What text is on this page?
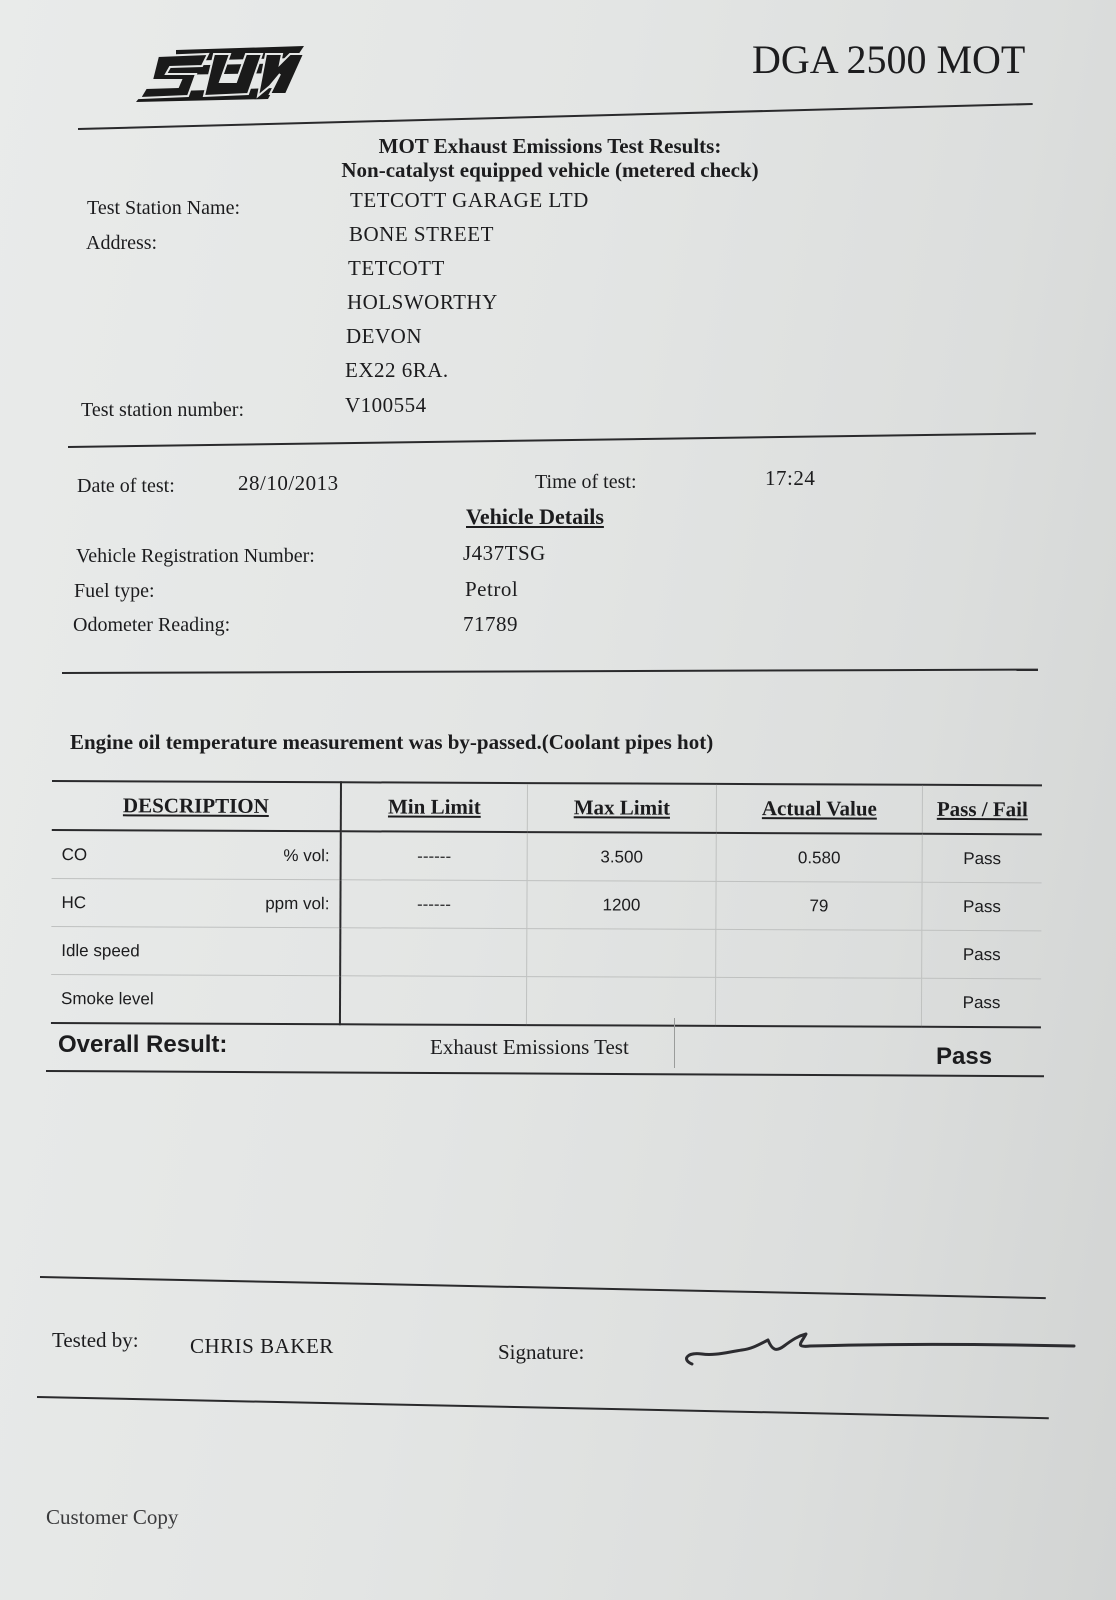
DGA 2500 MOT
MOT Exhaust Emissions Test Results:
Non-catalyst equipped vehicle (metered check)
Test Station Name:	TETCOTT GARAGE LTD
Address:	BONE STREET
TETCOTT
HOLSWORTHY
DEVON
EX22 6RA.
Test station number:	V100554
Date of test:	28/10/2013	Time of test:	17:24
Vehicle Details
Vehicle Registration Number:	J437TSG
Fuel type:	Petrol
Odometer Reading:	71789
Engine oil temperature measurement was by-passed.(Coolant pipes hot)
DESCRIPTION	Min Limit	Max Limit	Actual Value	Pass / Fail

CO % vol:	------	3.500	0.580	Pass

HC ppm vol:	------	1200	79	Pass

Idle speed				Pass

Smoke level				Pass
Overall Result:	Exhaust Emissions Test	Pass
Tested by: CHRIS BAKER	Signature:
Customer Copy
